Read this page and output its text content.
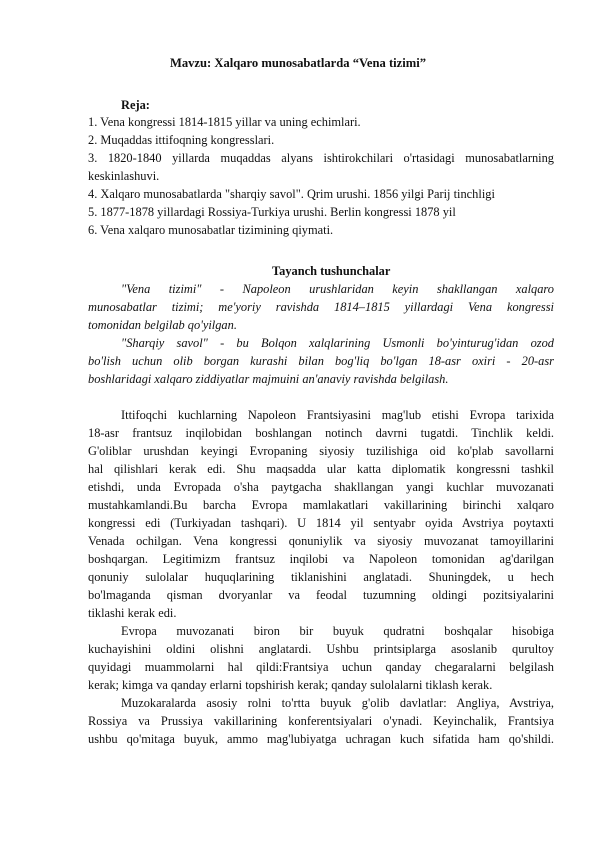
Mavzu: Xalqaro munosabatlarda “Vena tizimi”
Reja:
1. Vena kongressi 1814-1815 yillar va uning echimlari.
2. Muqaddas ittifoqning kongresslari.
3. 1820-1840 yillarda muqaddas alyans ishtirokchilari o'rtasidagi munosabatlarning
keskinlashuvi.
4. Xalqaro munosabatlarda "sharqiy savol". Qrim urushi. 1856 yilgi Parij tinchligi
5. 1877-1878 yillardagi Rossiya-Turkiya urushi. Berlin kongressi 1878 yil
6. Vena xalqaro munosabatlar tizimining qiymati.
Tayanch tushunchalar
"Vena tizimi" - Napoleon urushlaridan keyin shakllangan xalqaro
munosabatlar tizimi; me'yoriy ravishda 1814–1815 yillardagi Vena kongressi
tomonidan belgilab qo'yilgan.
"Sharqiy savol" - bu Bolqon xalqlarining Usmonli bo'yinturug'idan ozod
bo'lish uchun olib borgan kurashi bilan bog'liq bo'lgan 18-asr oxiri - 20-asr
boshlaridagi xalqaro ziddiyatlar majmuini an'anaviy ravishda belgilash.
Ittifoqchi kuchlarning Napoleon Frantsiyasini mag'lub etishi Evropa tarixida
18-asr frantsuz inqilobidan boshlangan notinch davrni tugatdi. Tinchlik keldi.
G'oliblar urushdan keyingi Evropaning siyosiy tuzilishiga oid ko'plab savollarni
hal qilishlari kerak edi. Shu maqsadda ular katta diplomatik kongressni tashkil
etishdi, unda Evropada o'sha paytgacha shakllangan yangi kuchlar muvozanati
mustahkamlandi.Bu barcha Evropa mamlakatlari vakillarining birinchi xalqaro
kongressi edi (Turkiyadan tashqari). U 1814 yil sentyabr oyida Avstriya poytaxti
Venada ochilgan. Vena kongressi qonuniylik va siyosiy muvozanat tamoyillarini
boshqargan. Legitimizm frantsuz inqilobi va Napoleon tomonidan ag'darilgan
qonuniy sulolalar huquqlarining tiklanishini anglatadi. Shuningdek, u hech
bo'lmaganda qisman dvoryanlar va feodal tuzumning oldingi pozitsiyalarini
tiklashi kerak edi.
Evropa muvozanati biron bir buyuk qudratni boshqalar hisobiga
kuchayishini oldini olishni anglatardi. Ushbu printsiplarga asoslanib qurultoy
quyidagi muammolarni hal qildi:Frantsiya uchun qanday chegaralarni belgilash
kerak; kimga va qanday erlarni topshirish kerak; qanday sulolalarni tiklash kerak.
Muzokaralarda asosiy rolni to'rtta buyuk g'olib davlatlar: Angliya, Avstriya,
Rossiya va Prussiya vakillarining konferentsiyalari o'ynadi. Keyinchalik, Frantsiya
ushbu qo'mitaga buyuk, ammo mag'lubiyatga uchragan kuch sifatida ham qo'shildi.
